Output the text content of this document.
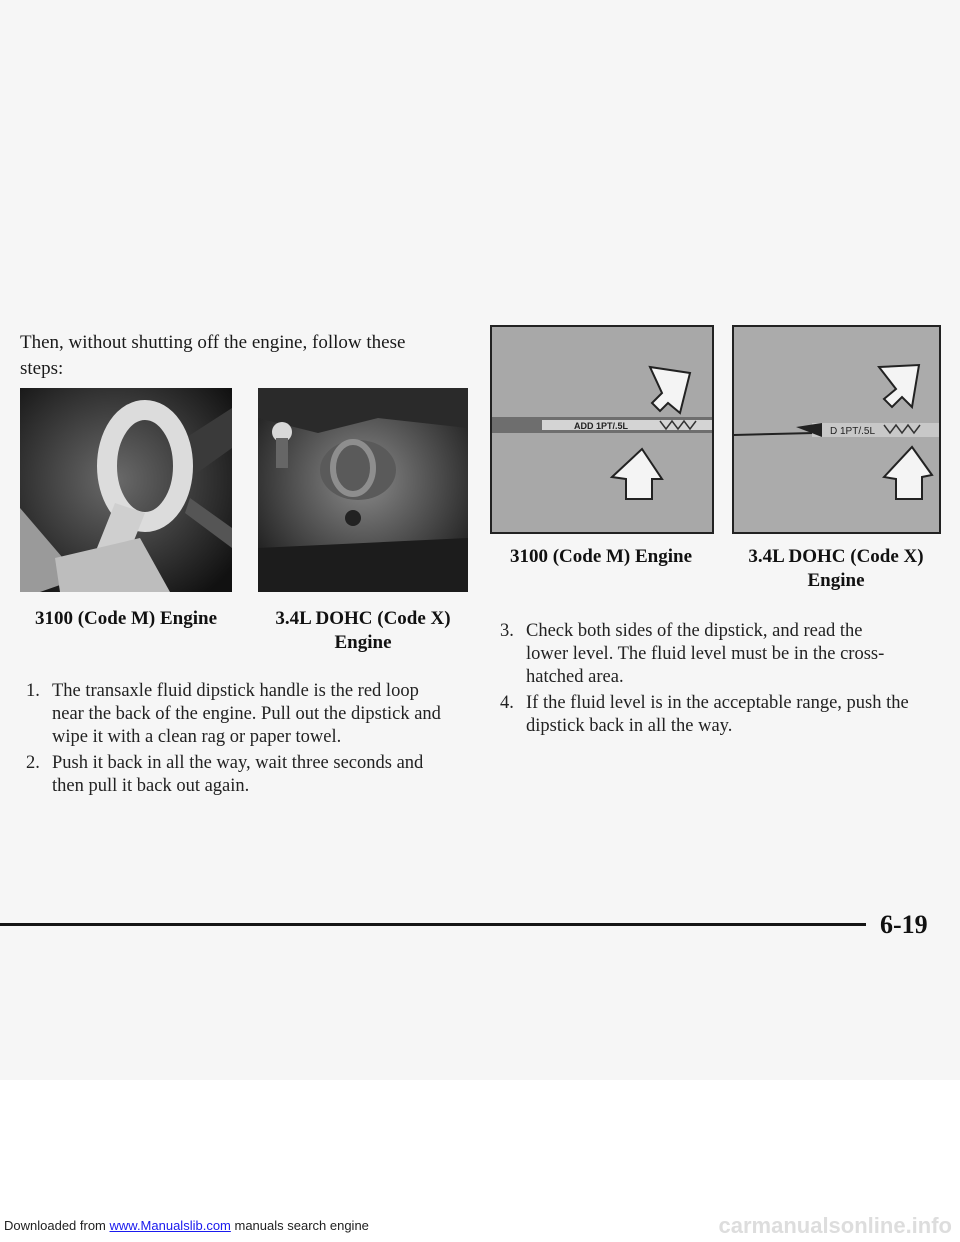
Then, without shutting off the engine, follow these steps:
3100 (Code M) Engine	3.4L DOHC (Code X) Engine
1. The transaxle fluid dipstick handle is the red loop near the back of the engine. Pull out the dipstick and wipe it with a clean rag or paper towel.
2. Push it back in all the way, wait three seconds and then pull it back out again.
ADD 1PT/.5L	D 1PT/.5L
3100 (Code M) Engine	3.4L DOHC (Code X) Engine
3. Check both sides of the dipstick, and read the lower level. The fluid level must be in the cross-hatched area.
4. If the fluid level is in the acceptable range, push the dipstick back in all the way.
6-19
Downloaded from www.Manualslib.com manuals search engine	carmanualsonline.info
